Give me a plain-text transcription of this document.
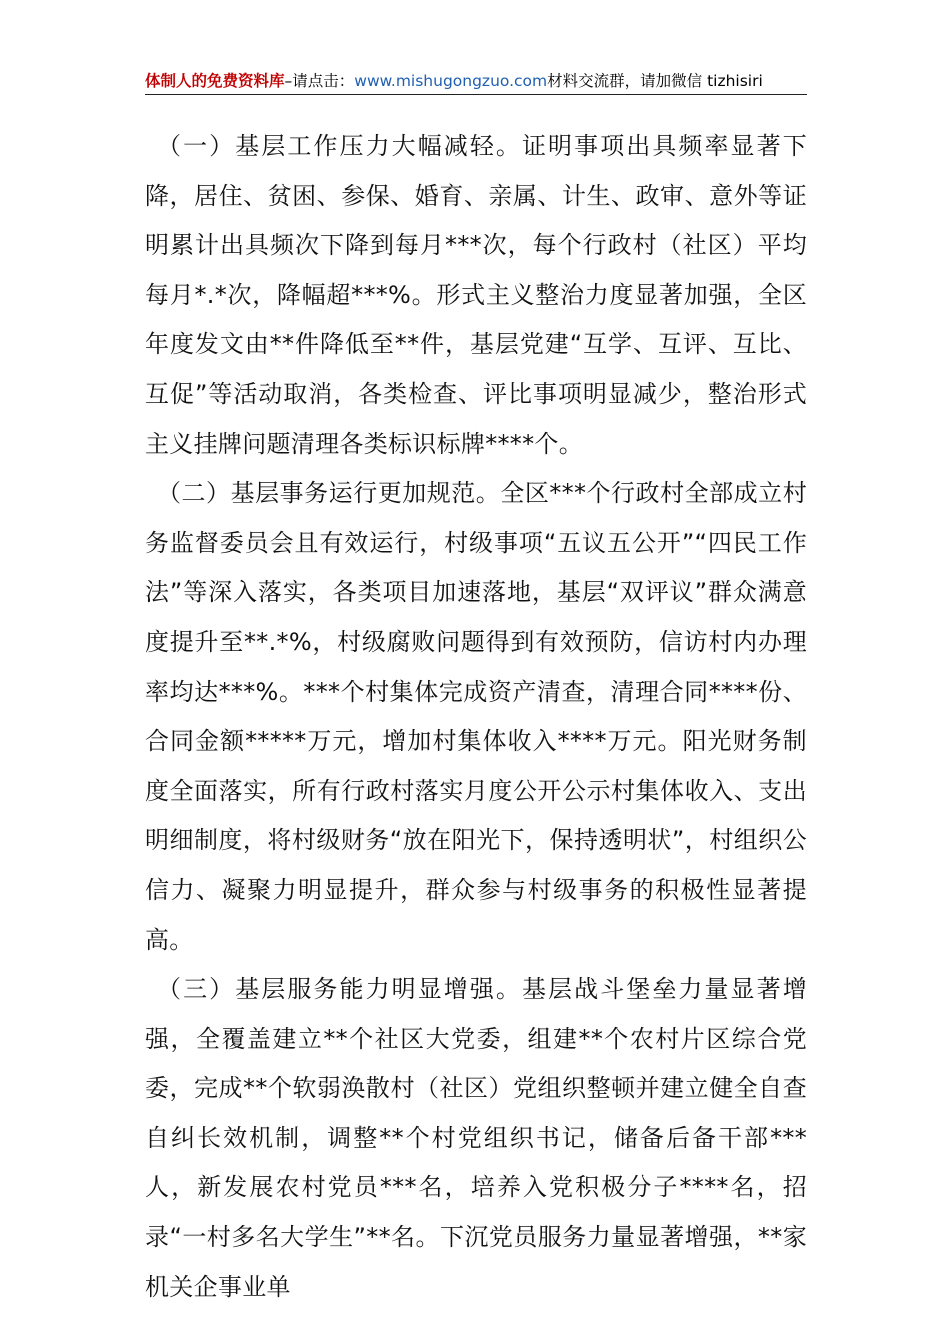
体制人的免费资料库–请点击：www.mishugongzuo.com材料交流群，请加微信 tizhisiri

（一）基层工作压力大幅减轻。证明事项出具频率显著下降，居住、贫困、参保、婚育、亲属、计生、政审、意外等证明累计出具频次下降到每月***次，每个行政村（社区）平均每月*.*次，降幅超***%。形式主义整治力度显著加强，全区年度发文由**件降低至**件，基层党建“互学、互评、互比、互促”等活动取消，各类检查、评比事项明显减少，整治形式主义挂牌问题清理各类标识标牌****个。

（二）基层事务运行更加规范。全区***个行政村全部成立村务监督委员会且有效运行，村级事项“五议五公开”“四民工作法”等深入落实，各类项目加速落地，基层“双评议”群众满意度提升至**.*%，村级腐败问题得到有效预防，信访村内办理率均达***%。***个村集体完成资产清查，清理合同****份、合同金额*****万元，增加村集体收入****万元。阳光财务制度全面落实，所有行政村落实月度公开公示村集体收入、支出明细制度，将村级财务“放在阳光下，保持透明状”，村组织公信力、凝聚力明显提升，群众参与村级事务的积极性显著提高。

（三）基层服务能力明显增强。基层战斗堡垒力量显著增强，全覆盖建立**个社区大党委，组建**个农村片区综合党委，完成**个软弱涣散村（社区）党组织整顿并建立健全自查自纠长效机制，调整**个村党组织书记，储备后备干部***人，新发展农村党员***名，培养入党积极分子****名，招录“一村多名大学生”**名。下沉党员服务力量显著增强，**家机关企事业单
